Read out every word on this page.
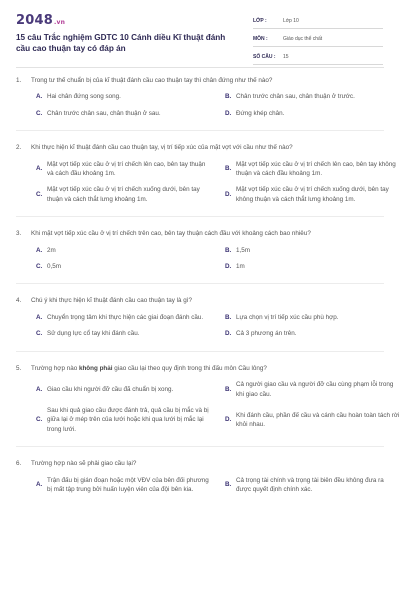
2048.vn
15 câu Trắc nghiệm GDTC 10 Cánh diều Kĩ thuật đánh cầu cao thuận tay có đáp án
LỚP :	Lớp 10
MÔN :	Giáo dục thể chất
SỐ CÂU :	15
1.	Trong tư thế chuẩn bị của kĩ thuật đánh cầu cao thuận tay thì chân đứng như thế nào?
A. Hai chân đứng song song.	B. Chân trước chân sau, chân thuận ở trước.
C. Chân trước chân sau, chân thuận ở sau.	D. Đứng khép chân.
2.	Khi thực hiện kĩ thuật đánh cầu cao thuận tay, vị trí tiếp xúc của mặt vợt với cầu như thế nào?
A.
Mặt vợt tiếp xúc cầu ở vị trí chếch lên cao, bên tay thuận và cách đầu khoảng 1m.
B.
Mặt vợt tiếp xúc cầu ở vị trí chếch lên cao, bên tay không thuận và cách đầu khoảng 1m.
C.
Mặt vợt tiếp xúc cầu ở vị trí chếch xuống dưới, bên tay thuận và cách thắt lưng khoảng 1m.
D.
Mặt vợt tiếp xúc cầu ở vị trí chếch xuống dưới, bên tay không thuận và cách thắt lưng khoảng 1m.
3.	Khi mặt vợt tiếp xúc cầu ở vị trí chếch trên cao, bên tay thuận cách đầu với khoảng cách bao nhiêu?
A. 2m	B. 1,5m
C. 0,5m	D. 1m
4.	Chú ý khi thực hiện kĩ thuật đánh cầu cao thuận tay là gì?
A. Chuyển trọng tâm khi thực hiện các giai đoạn đánh cầu.	B. Lựa chọn vị trí tiếp xúc cầu phù hợp.
C. Sử dụng lực cổ tay khi đánh cầu.	D. Cả 3 phương án trên.
5.	Trường hợp nào không phải giao cầu lại theo quy định trong thi đấu môn Cầu lông?
A. Giao cầu khi người đỡ cầu đã chuẩn bị xong.	B.
Cả người giao cầu và người đỡ cầu cùng phạm lỗi trong khi giao cầu.
C.
Sau khi quả giao cầu được đánh trả, quả cầu bị mắc và bị giữa lại ở mép trên của lưới hoặc khi qua lưới bị mắc lại trong lưới.
D.
Khi đánh cầu, phần đế cầu và cánh cầu hoàn toàn tách rời khỏi nhau.
6.	Trường hợp nào sẽ phải giao cầu lại?
A.
Trận đấu bị gián đoạn hoặc một VĐV của bên đối phương bị mất tập trung bởi huấn luyện viên của đội bên kia.
B.
Cả trọng tài chính và trọng tài biên đều không đưa ra được quyết định chính xác.
